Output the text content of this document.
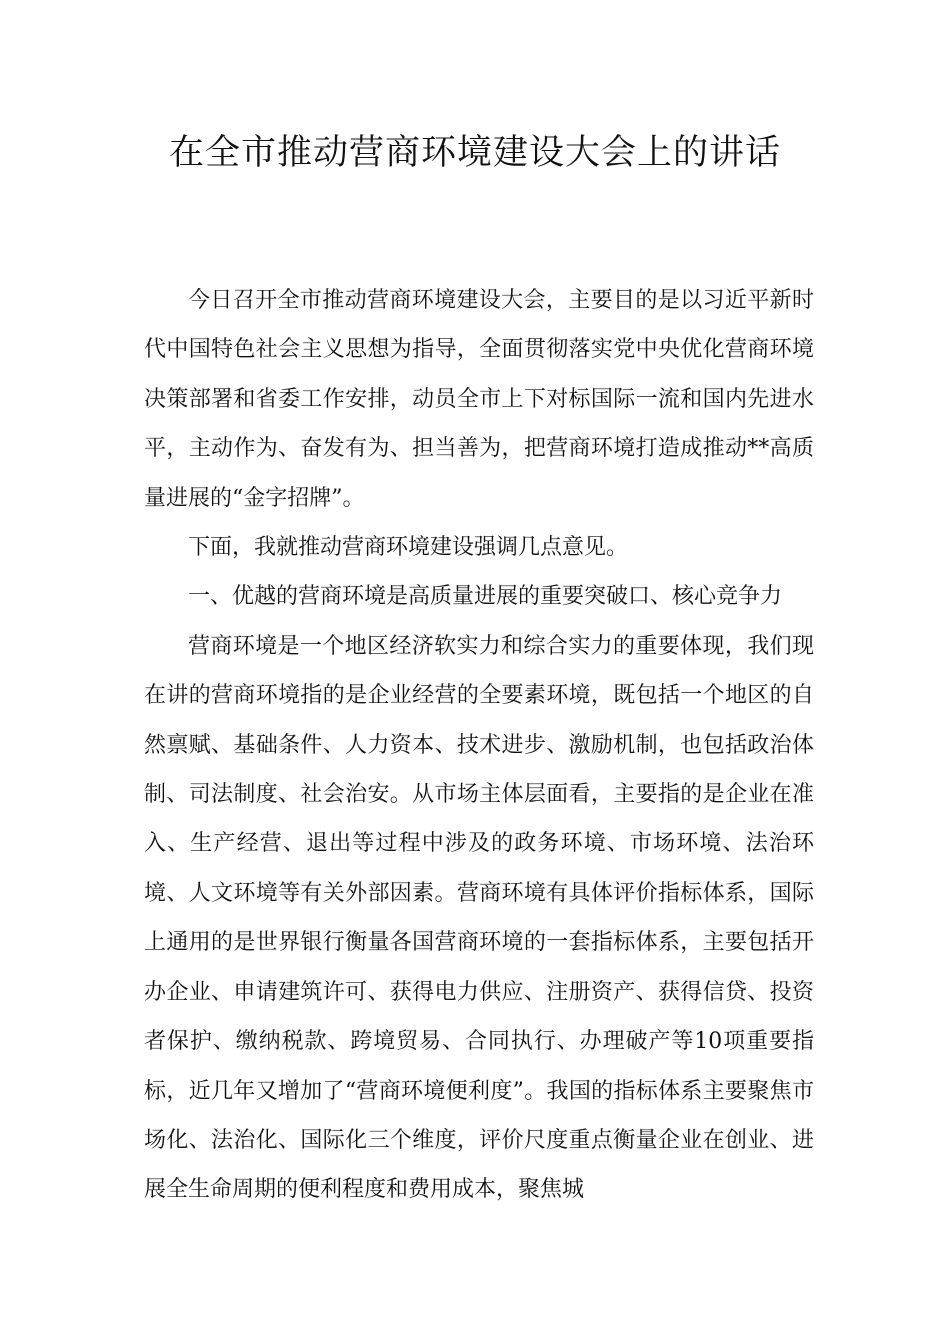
在全市推动营商环境建设大会上的讲话

今日召开全市推动营商环境建设大会，主要目的是以习近平新时代中国特色社会主义思想为指导，全面贯彻落实党中央优化营商环境决策部署和省委工作安排，动员全市上下对标国际一流和国内先进水平，主动作为、奋发有为、担当善为，把营商环境打造成推动**高质量进展的“金字招牌”。

下面，我就推动营商环境建设强调几点意见。

一、优越的营商环境是高质量进展的重要突破口、核心竞争力

营商环境是一个地区经济软实力和综合实力的重要体现，我们现在讲的营商环境指的是企业经营的全要素环境，既包括一个地区的自然禀赋、基础条件、人力资本、技术进步、激励机制，也包括政治体制、司法制度、社会治安。从市场主体层面看，主要指的是企业在准入、生产经营、退出等过程中涉及的政务环境、市场环境、法治环境、人文环境等有关外部因素。营商环境有具体评价指标体系，国际上通用的是世界银行衡量各国营商环境的一套指标体系，主要包括开办企业、申请建筑许可、获得电力供应、注册资产、获得信贷、投资者保护、缴纳税款、跨境贸易、合同执行、办理破产等10项重要指标，近几年又增加了“营商环境便利度”。我国的指标体系主要聚焦市场化、法治化、国际化三个维度，评价尺度重点衡量企业在创业、进展全生命周期的便利程度和费用成本，聚焦城
